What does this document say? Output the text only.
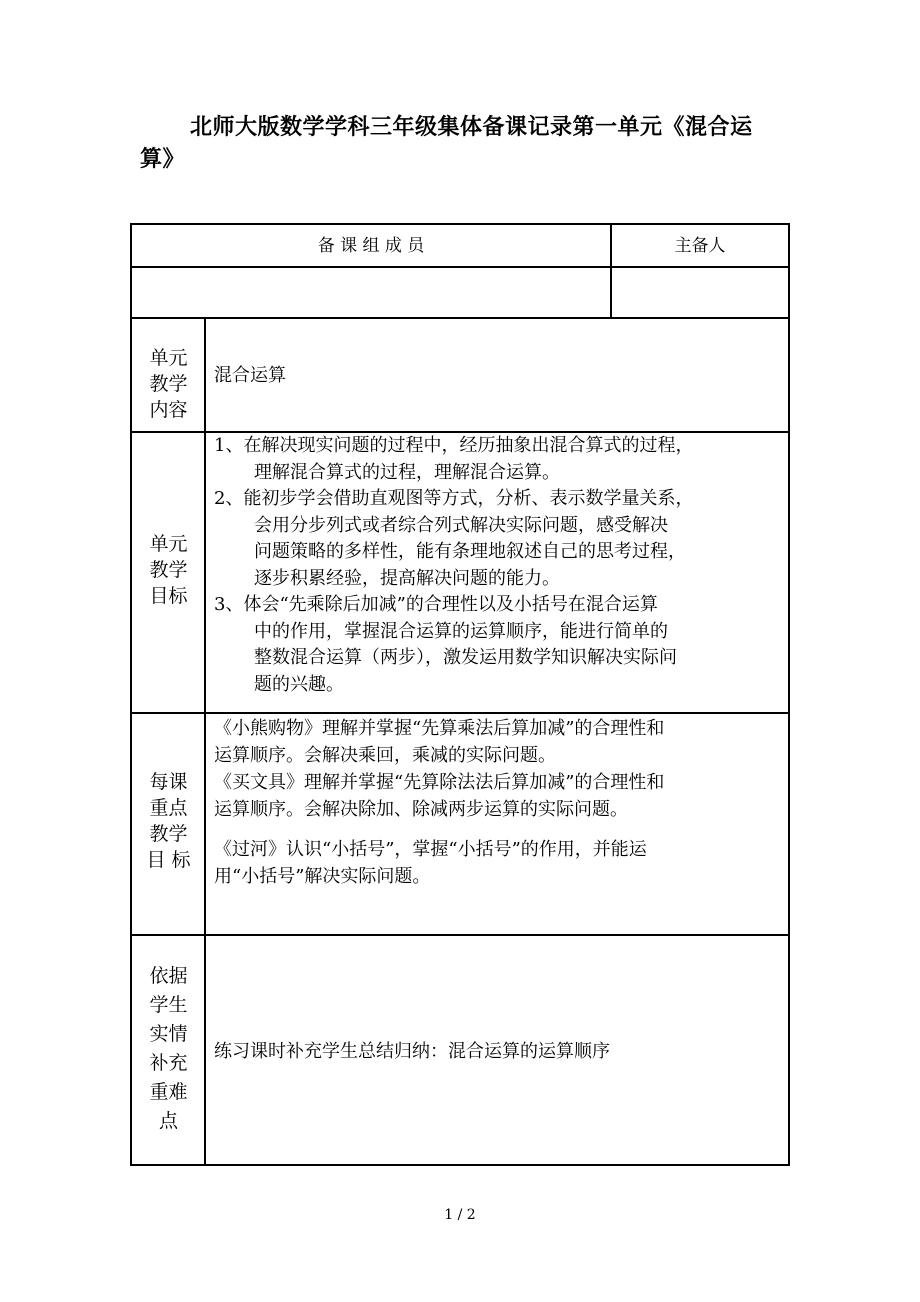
北师大版数学学科三年级集体备课记录第一单元《混合运算》
备 课 组 成 员	主备人
单元
教学
内容
混合运算
单元
教学
目标
1、在解决现实问题的过程中，经历抽象出混合算式的过程，
理解混合算式的过程，理解混合运算。
2、能初步学会借助直观图等方式，分析、表示数学量关系，
会用分步列式或者综合列式解决实际问题，感受解决
问题策略的多样性，能有条理地叙述自己的思考过程，
逐步积累经验，提高解决问题的能力。
3、体会“先乘除后加减”的合理性以及小括号在混合运算
中的作用，掌握混合运算的运算顺序，能进行简单的
整数混合运算（两步），激发运用数学知识解决实际问
题的兴趣。
每课
重点
教学
目 标
《小熊购物》理解并掌握“先算乘法后算加减”的合理性和
运算顺序。会解决乘回，乘减的实际问题。
《买文具》理解并掌握“先算除法法后算加减”的合理性和
运算顺序。会解决除加、除减两步运算的实际问题。
《过河》认识“小括号”，掌握“小括号”的作用，并能运
用“小括号”解决实际问题。
依据
学生
实情
补充
重难
点
练习课时补充学生总结归纳：混合运算的运算顺序
1 / 2
